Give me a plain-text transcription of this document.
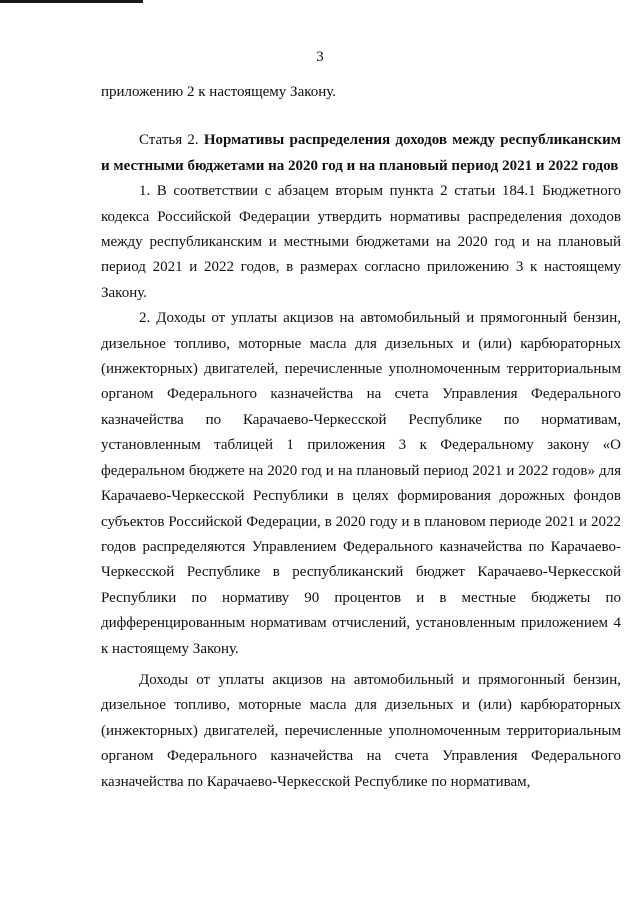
3

приложению 2 к настоящему Закону.

Статья 2. Нормативы распределения доходов между республиканским и местными бюджетами на 2020 год и на плановый период 2021 и 2022 годов

1. В соответствии с абзацем вторым пункта 2 статьи 184.1 Бюджетного кодекса Российской Федерации утвердить нормативы распределения доходов между республиканским и местными бюджетами на 2020 год и на плановый период 2021 и 2022 годов, в размерах согласно приложению 3 к настоящему Закону.

2. Доходы от уплаты акцизов на автомобильный и прямогонный бензин, дизельное топливо, моторные масла для дизельных и (или) карбюраторных (инжекторных) двигателей, перечисленные уполномоченным территориальным органом Федерального казначейства на счета Управления Федерального казначейства по Карачаево-Черкесской Республике по нормативам, установленным таблицей 1 приложения 3 к Федеральному закону «О федеральном бюджете на 2020 год и на плановый период 2021 и 2022 годов» для Карачаево-Черкесской Республики в целях формирования дорожных фондов субъектов Российской Федерации, в 2020 году и в плановом периоде 2021 и 2022 годов распределяются Управлением Федерального казначейства по Карачаево-Черкесской Республике в республиканский бюджет Карачаево-Черкесской Республики по нормативу 90 процентов и в местные бюджеты по дифференцированным нормативам отчислений, установленным приложением 4 к настоящему Закону.

Доходы от уплаты акцизов на автомобильный и прямогонный бензин, дизельное топливо, моторные масла для дизельных и (или) карбюраторных (инжекторных) двигателей, перечисленные уполномоченным территориальным органом Федерального казначейства на счета Управления Федерального казначейства по Карачаево-Черкесской Республике по нормативам,
